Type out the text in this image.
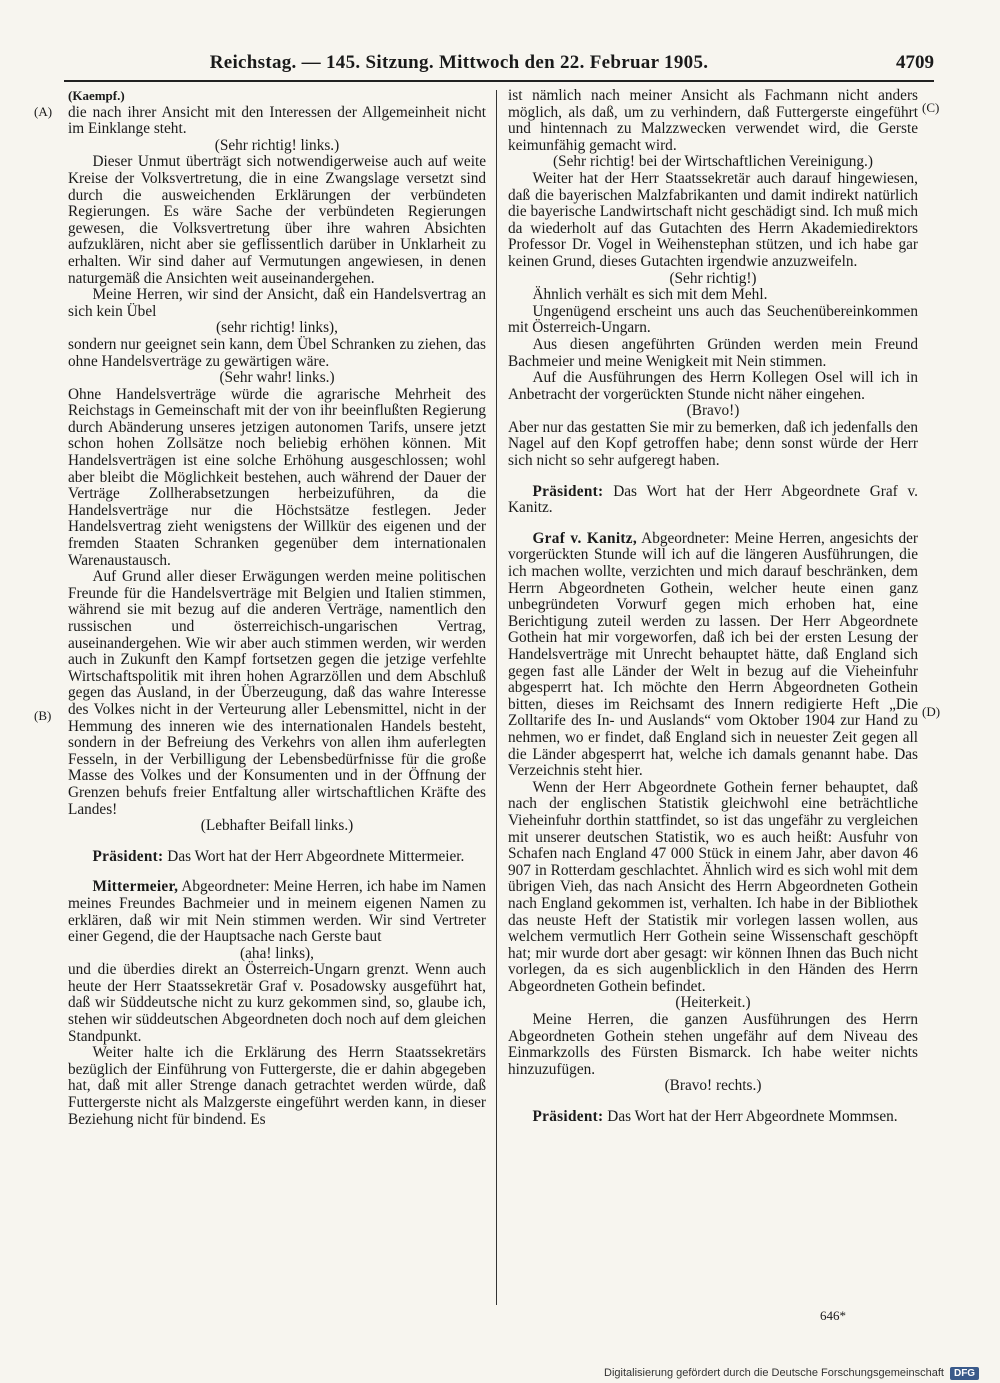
Reichstag. — 145. Sitzung. Mittwoch den 22. Februar 1905.	4709
(A)
(B)
(C)
(D)

(Kaempf.)

die nach ihrer Ansicht mit den Interessen der Allgemeinheit nicht im Einklange steht.

(Sehr richtig! links.)

Dieser Unmut überträgt sich notwendigerweise auch auf weite Kreise der Volksvertretung, die in eine Zwangslage versetzt sind durch die ausweichenden Erklärungen der verbündeten Regierungen. Es wäre Sache der verbündeten Regierungen gewesen, die Volksvertretung über ihre wahren Absichten aufzuklären, nicht aber sie geflissentlich darüber in Unklarheit zu erhalten. Wir sind daher auf Vermutungen angewiesen, in denen naturgemäß die Ansichten weit auseinandergehen.

Meine Herren, wir sind der Ansicht, daß ein Handelsvertrag an sich kein Übel

(sehr richtig! links),

sondern nur geeignet sein kann, dem Übel Schranken zu ziehen, das ohne Handelsverträge zu gewärtigen wäre.

(Sehr wahr! links.)

Ohne Handelsverträge würde die agrarische Mehrheit des Reichstags in Gemeinschaft mit der von ihr beeinflußten Regierung durch Abänderung unseres jetzigen autonomen Tarifs, unsere jetzt schon hohen Zollsätze noch beliebig erhöhen können. Mit Handelsverträgen ist eine solche Erhöhung ausgeschlossen; wohl aber bleibt die Möglichkeit bestehen, auch während der Dauer der Verträge Zollherabsetzungen herbeizuführen, da die Handelsverträge nur die Höchstsätze festlegen. Jeder Handelsvertrag zieht wenigstens der Willkür des eigenen und der fremden Staaten Schranken gegenüber dem internationalen Warenaustausch.

Auf Grund aller dieser Erwägungen werden meine politischen Freunde für die Handelsverträge mit Belgien und Italien stimmen, während sie mit bezug auf die anderen Verträge, namentlich den russischen und österreichisch-ungarischen Vertrag, auseinandergehen. Wie wir aber auch stimmen werden, wir werden auch in Zukunft den Kampf fortsetzen gegen die jetzige verfehlte Wirtschaftspolitik mit ihren hohen Agrarzöllen und dem Abschluß gegen das Ausland, in der Überzeugung, daß das wahre Interesse des Volkes nicht in der Verteurung aller Lebensmittel, nicht in der Hemmung des inneren wie des internationalen Handels besteht, sondern in der Befreiung des Verkehrs von allen ihm auferlegten Fesseln, in der Verbilligung der Lebensbedürfnisse für die große Masse des Volkes und der Konsumenten und in der Öffnung der Grenzen behufs freier Entfaltung aller wirtschaftlichen Kräfte des Landes!

(Lebhafter Beifall links.)

Präsident: Das Wort hat der Herr Abgeordnete Mittermeier.

Mittermeier, Abgeordneter: Meine Herren, ich habe im Namen meines Freundes Bachmeier und in meinem eigenen Namen zu erklären, daß wir mit Nein stimmen werden. Wir sind Vertreter einer Gegend, die der Hauptsache nach Gerste baut

(aha! links),

und die überdies direkt an Österreich-Ungarn grenzt. Wenn auch heute der Herr Staatssekretär Graf v. Posadowsky ausgeführt hat, daß wir Süddeutsche nicht zu kurz gekommen sind, so, glaube ich, stehen wir süddeutschen Abgeordneten doch noch auf dem gleichen Standpunkt.

Weiter halte ich die Erklärung des Herrn Staatssekretärs bezüglich der Einführung von Futtergerste, die er dahin abgegeben hat, daß mit aller Strenge danach getrachtet werden würde, daß Futtergerste nicht als Malzgerste eingeführt werden kann, in dieser Beziehung nicht für bindend. Es

ist nämlich nach meiner Ansicht als Fachmann nicht anders möglich, als daß, um zu verhindern, daß Futtergerste eingeführt und hintennach zu Malzzwecken verwendet wird, die Gerste keimunfähig gemacht wird.

(Sehr richtig! bei der Wirtschaftlichen Vereinigung.)

Weiter hat der Herr Staatssekretär auch darauf hingewiesen, daß die bayerischen Malzfabrikanten und damit indirekt natürlich die bayerische Landwirtschaft nicht geschädigt sind. Ich muß mich da wiederholt auf das Gutachten des Herrn Akademiedirektors Professor Dr. Vogel in Weihenstephan stützen, und ich habe gar keinen Grund, dieses Gutachten irgendwie anzuzweifeln.

(Sehr richtig!)

Ähnlich verhält es sich mit dem Mehl.

Ungenügend erscheint uns auch das Seuchenübereinkommen mit Österreich-Ungarn.

Aus diesen angeführten Gründen werden mein Freund Bachmeier und meine Wenigkeit mit Nein stimmen.

Auf die Ausführungen des Herrn Kollegen Osel will ich in Anbetracht der vorgerückten Stunde nicht näher eingehen.

(Bravo!)

Aber nur das gestatten Sie mir zu bemerken, daß ich jedenfalls den Nagel auf den Kopf getroffen habe; denn sonst würde der Herr sich nicht so sehr aufgeregt haben.

Präsident: Das Wort hat der Herr Abgeordnete Graf v. Kanitz.

Graf v. Kanitz, Abgeordneter: Meine Herren, angesichts der vorgerückten Stunde will ich auf die längeren Ausführungen, die ich machen wollte, verzichten und mich darauf beschränken, dem Herrn Abgeordneten Gothein, welcher heute einen ganz unbegründeten Vorwurf gegen mich erhoben hat, eine Berichtigung zuteil werden zu lassen. Der Herr Abgeordnete Gothein hat mir vorgeworfen, daß ich bei der ersten Lesung der Handelsverträge mit Unrecht behauptet hätte, daß England sich gegen fast alle Länder der Welt in bezug auf die Vieheinfuhr abgesperrt hat. Ich möchte den Herrn Abgeordneten Gothein bitten, dieses im Reichsamt des Innern redigierte Heft „Die Zolltarife des In- und Auslands“ vom Oktober 1904 zur Hand zu nehmen, wo er findet, daß England sich in neuester Zeit gegen all die Länder abgesperrt hat, welche ich damals genannt habe. Das Verzeichnis steht hier.

Wenn der Herr Abgeordnete Gothein ferner behauptet, daß nach der englischen Statistik gleichwohl eine beträchtliche Vieheinfuhr dorthin stattfindet, so ist das ungefähr zu vergleichen mit unserer deutschen Statistik, wo es auch heißt: Ausfuhr von Schafen nach England 47 000 Stück in einem Jahr, aber davon 46 907 in Rotterdam geschlachtet. Ähnlich wird es sich wohl mit dem übrigen Vieh, das nach Ansicht des Herrn Abgeordneten Gothein nach England gekommen ist, verhalten. Ich habe in der Bibliothek das neuste Heft der Statistik mir vorlegen lassen wollen, aus welchem vermutlich Herr Gothein seine Wissenschaft geschöpft hat; mir wurde dort aber gesagt: wir können Ihnen das Buch nicht vorlegen, da es sich augenblicklich in den Händen des Herrn Abgeordneten Gothein befindet.

(Heiterkeit.)

Meine Herren, die ganzen Ausführungen des Herrn Abgeordneten Gothein stehen ungefähr auf dem Niveau des Einmarkzolls des Fürsten Bismarck. Ich habe weiter nichts hinzuzufügen.

(Bravo! rechts.)

Präsident: Das Wort hat der Herr Abgeordnete Mommsen.

646*
Digitalisierung gefördert durch die Deutsche Forschungsgemeinschaft	DFG
